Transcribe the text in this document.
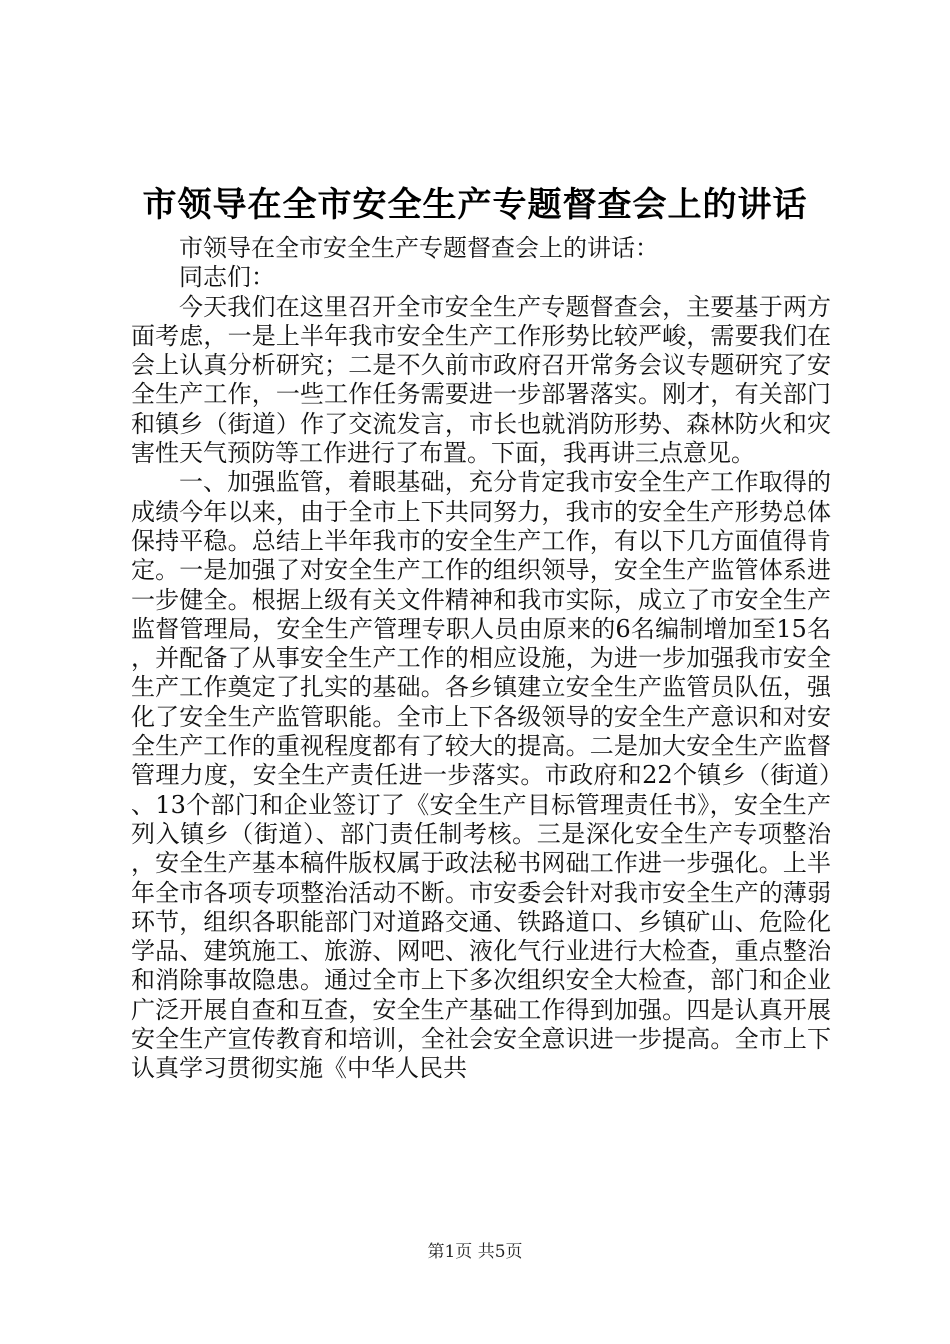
市领导在全市安全生产专题督查会上的讲话

市领导在全市安全生产专题督查会上的讲话：

同志们：

今天我们在这里召开全市安全生产专题督查会，主要基于两方面考虑，一是上半年我市安全生产工作形势比较严峻，需要我们在会上认真分析研究；二是不久前市政府召开常务会议专题研究了安全生产工作，一些工作任务需要进一步部署落实。刚才，有关部门和镇乡（街道）作了交流发言，市长也就消防形势、森林防火和灾害性天气预防等工作进行了布置。下面，我再讲三点意见。

一、加强监管，着眼基础，充分肯定我市安全生产工作取得的成绩今年以来，由于全市上下共同努力，我市的安全生产形势总体保持平稳。总结上半年我市的安全生产工作，有以下几方面值得肯定。一是加强了对安全生产工作的组织领导，安全生产监管体系进一步健全。根据上级有关文件精神和我市实际，成立了市安全生产监督管理局，安全生产管理专职人员由原来的6名编制增加至15名，并配备了从事安全生产工作的相应设施，为进一步加强我市安全生产工作奠定了扎实的基础。各乡镇建立安全生产监管员队伍，强化了安全生产监管职能。全市上下各级领导的安全生产意识和对安全生产工作的重视程度都有了较大的提高。二是加大安全生产监督管理力度，安全生产责任进一步落实。市政府和22个镇乡（街道）、13个部门和企业签订了《安全生产目标管理责任书》，安全生产列入镇乡（街道）、部门责任制考核。三是深化安全生产专项整治，安全生产基本稿件版权属于政法秘书网础工作进一步强化。上半年全市各项专项整治活动不断。市安委会针对我市安全生产的薄弱环节，组织各职能部门对道路交通、铁路道口、乡镇矿山、危险化学品、建筑施工、旅游、网吧、液化气行业进行大检查，重点整治和消除事故隐患。通过全市上下多次组织安全大检查，部门和企业广泛开展自查和互查，安全生产基础工作得到加强。四是认真开展安全生产宣传教育和培训，全社会安全意识进一步提高。全市上下认真学习贯彻实施《中华人民共

第1页 共5页
